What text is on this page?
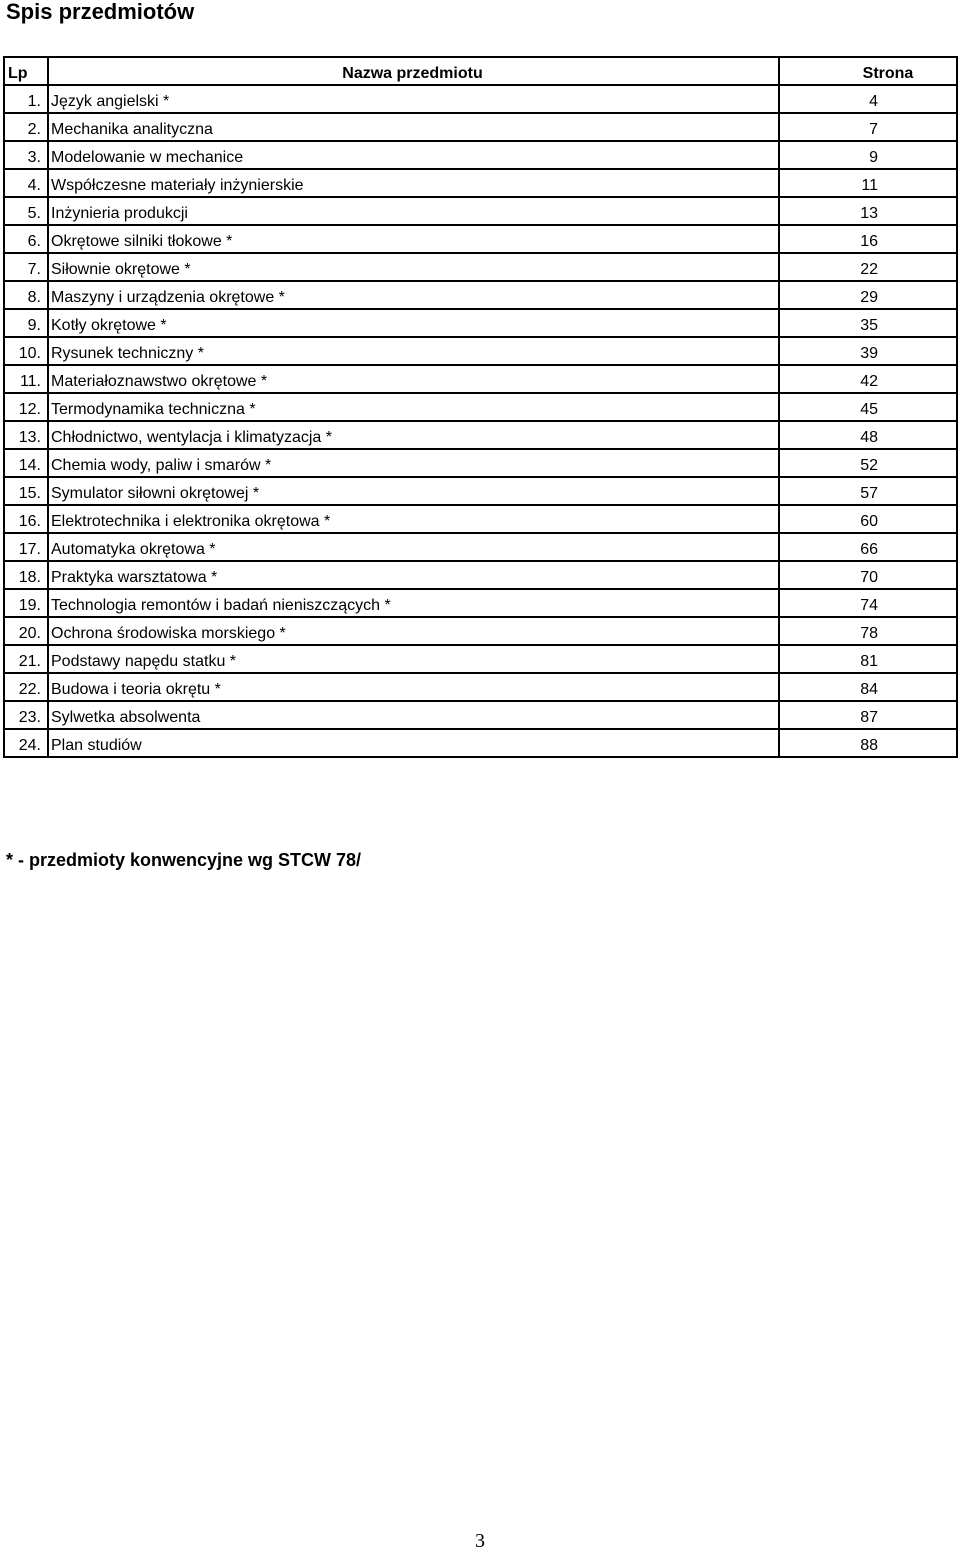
Spis przedmiotów
Lp	Nazwa przedmiotu	Strona
1.	Język angielski *	4
2.	Mechanika analityczna	7
3.	Modelowanie w mechanice	9
4.	Współczesne materiały inżynierskie	11
5.	Inżynieria produkcji	13
6.	Okrętowe silniki tłokowe *	16
7.	Siłownie okrętowe *	22
8.	Maszyny i urządzenia okrętowe *	29
9.	Kotły okrętowe *	35
10.	Rysunek techniczny *	39
11.	Materiałoznawstwo okrętowe *	42
12.	Termodynamika techniczna *	45
13.	Chłodnictwo, wentylacja i klimatyzacja *	48
14.	Chemia wody, paliw i smarów *	52
15.	Symulator siłowni okrętowej *	57
16.	Elektrotechnika i elektronika okrętowa *	60
17.	Automatyka okrętowa *	66
18.	Praktyka warsztatowa *	70
19.	Technologia remontów i badań nieniszczących *	74
20.	Ochrona środowiska morskiego *	78
21.	Podstawy napędu statku *	81
22.	Budowa i teoria okrętu *	84
23.	Sylwetka absolwenta	87
24.	Plan studiów	88
* - przedmioty konwencyjne wg STCW 78/
3
